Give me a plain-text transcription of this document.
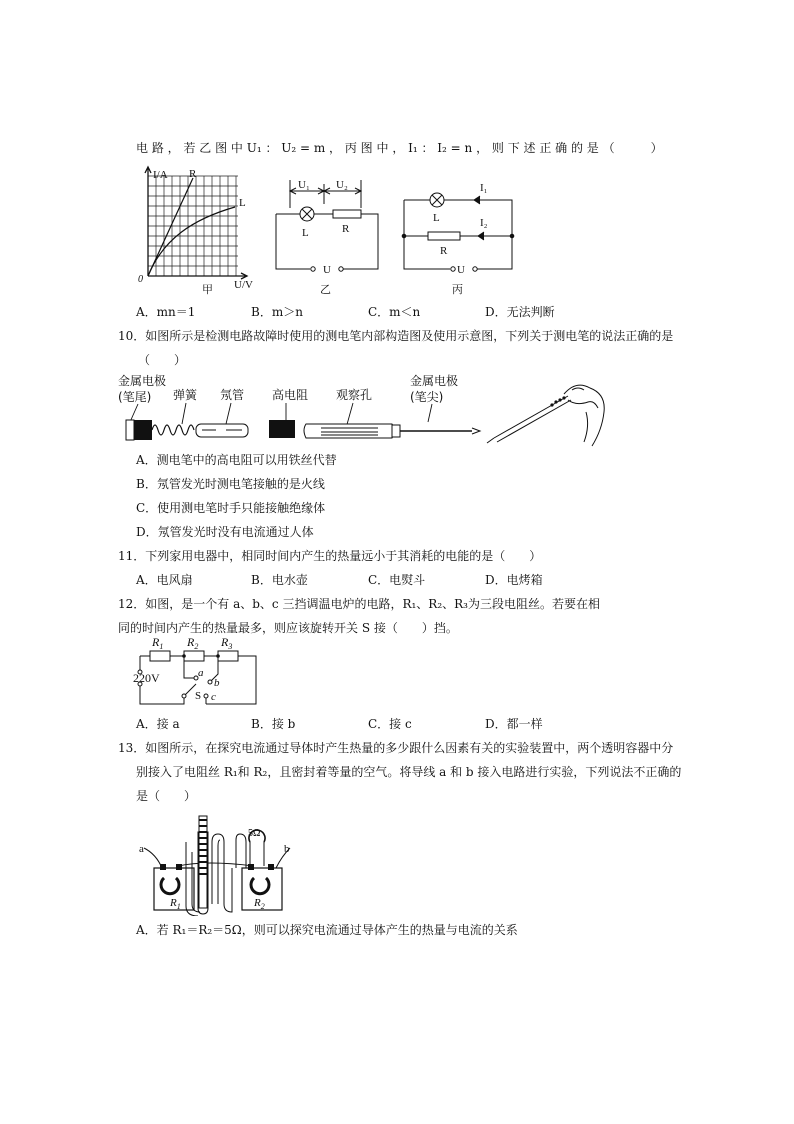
电 路 ， 若 乙 图 中 U₁ ： U₂ = m ， 丙 图 中 ， I₁ ： I₂ = n ， 则 下 述 正 确 的 是 （　　　）
I/A R
L
0	U/V
甲
U₁ U₂
L	R
U
乙
I₁
I₂
L
R
U
丙
A．mn＝1	B．m＞n	C．m＜n	D．无法判断
10．如图所示是检测电路故障时使用的测电笔内部构造图及使用示意图，下列关于测电笔的说法正确的是
（　　）
金属电极
(笔尾) 弹簧 氖管 高电阻 观察孔
金属电极
(笔尖)
A．测电笔中的高电阻可以用铁丝代替
B．氖管发光时测电笔接触的是火线
C．使用测电笔时手只能接触绝缘体
D．氖管发光时没有电流通过人体
11．下列家用电器中，相同时间内产生的热量远小于其消耗的电能的是（　　）
A．电风扇	B．电水壶	C．电熨斗	D．电烤箱
12．如图，是一个有 a、b、c 三挡调温电炉的电路，R₁、R₂、R₃为三段电阻丝。若要在相
同的时间内产生的热量最多，则应该旋转开关 S 接（　　）挡。
$R_1$ $R_2$ $R_3$
220V
S
a
b
c
A．接 a	B．接 b	C．接 c	D．都一样
13．如图所示，在探究电流通过导体时产生热量的多少跟什么因素有关的实验装置中，两个透明容器中分
别接入了电阻丝 R₁和 R₂，且密封着等量的空气。将导线 a 和 b 接入电路进行实验，下列说法不正确的
是（　　）
5Ω
a	b
$R_1$	$R_2$
A．若 R₁＝R₂＝5Ω，则可以探究电流通过导体产生的热量与电流的关系
